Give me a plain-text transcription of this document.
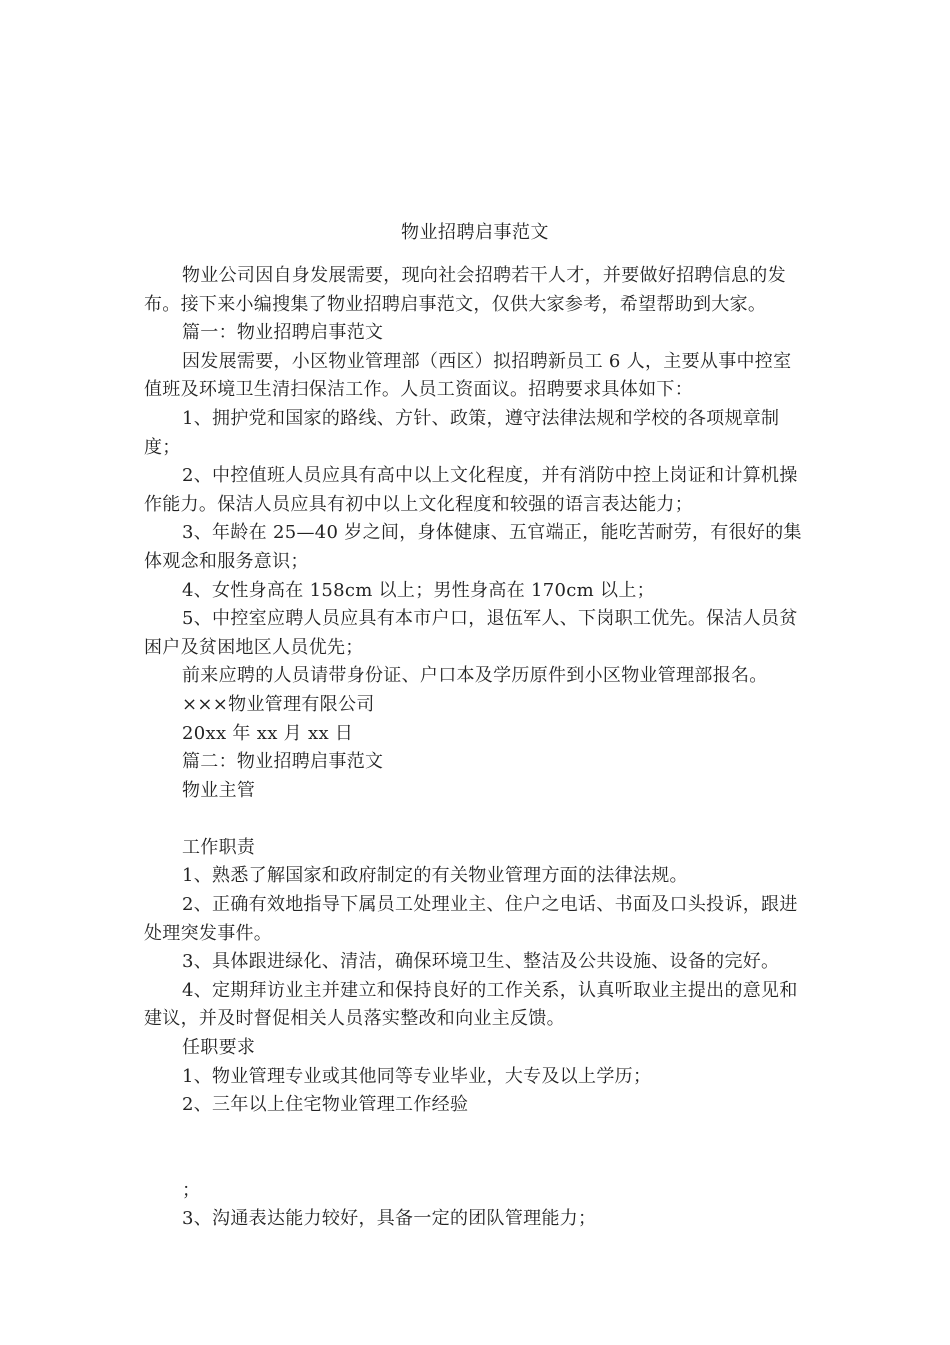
物业招聘启事范文

物业公司因自身发展需要，现向社会招聘若干人才，并要做好招聘信息的发布。接下来小编搜集了物业招聘启事范文，仅供大家参考，希望帮助到大家。

篇一：物业招聘启事范文

因发展需要，小区物业管理部（西区）拟招聘新员工 6 人，主要从事中控室值班及环境卫生清扫保洁工作。人员工资面议。招聘要求具体如下：

1、拥护党和国家的路线、方针、政策，遵守法律法规和学校的各项规章制度；

2、中控值班人员应具有高中以上文化程度，并有消防中控上岗证和计算机操作能力。保洁人员应具有初中以上文化程度和较强的语言表达能力；

3、年龄在 25—40 岁之间，身体健康、五官端正，能吃苦耐劳，有很好的集体观念和服务意识；

4、女性身高在 158cm 以上；男性身高在 170cm 以上；

5、中控室应聘人员应具有本市户口，退伍军人、下岗职工优先。保洁人员贫困户及贫困地区人员优先；

前来应聘的人员请带身份证、户口本及学历原件到小区物业管理部报名。

×××物业管理有限公司

20xx 年 xx 月 xx 日

篇二：物业招聘启事范文

物业主管

工作职责

1、熟悉了解国家和政府制定的有关物业管理方面的法律法规。

2、正确有效地指导下属员工处理业主、住户之电话、书面及口头投诉，跟进处理突发事件。

3、具体跟进绿化、清洁，确保环境卫生、整洁及公共设施、设备的完好。

4、定期拜访业主并建立和保持良好的工作关系，认真听取业主提出的意见和建议，并及时督促相关人员落实整改和向业主反馈。

任职要求

1、物业管理专业或其他同等专业毕业，大专及以上学历；

2、三年以上住宅物业管理工作经验

；

3、沟通表达能力较好，具备一定的团队管理能力；
